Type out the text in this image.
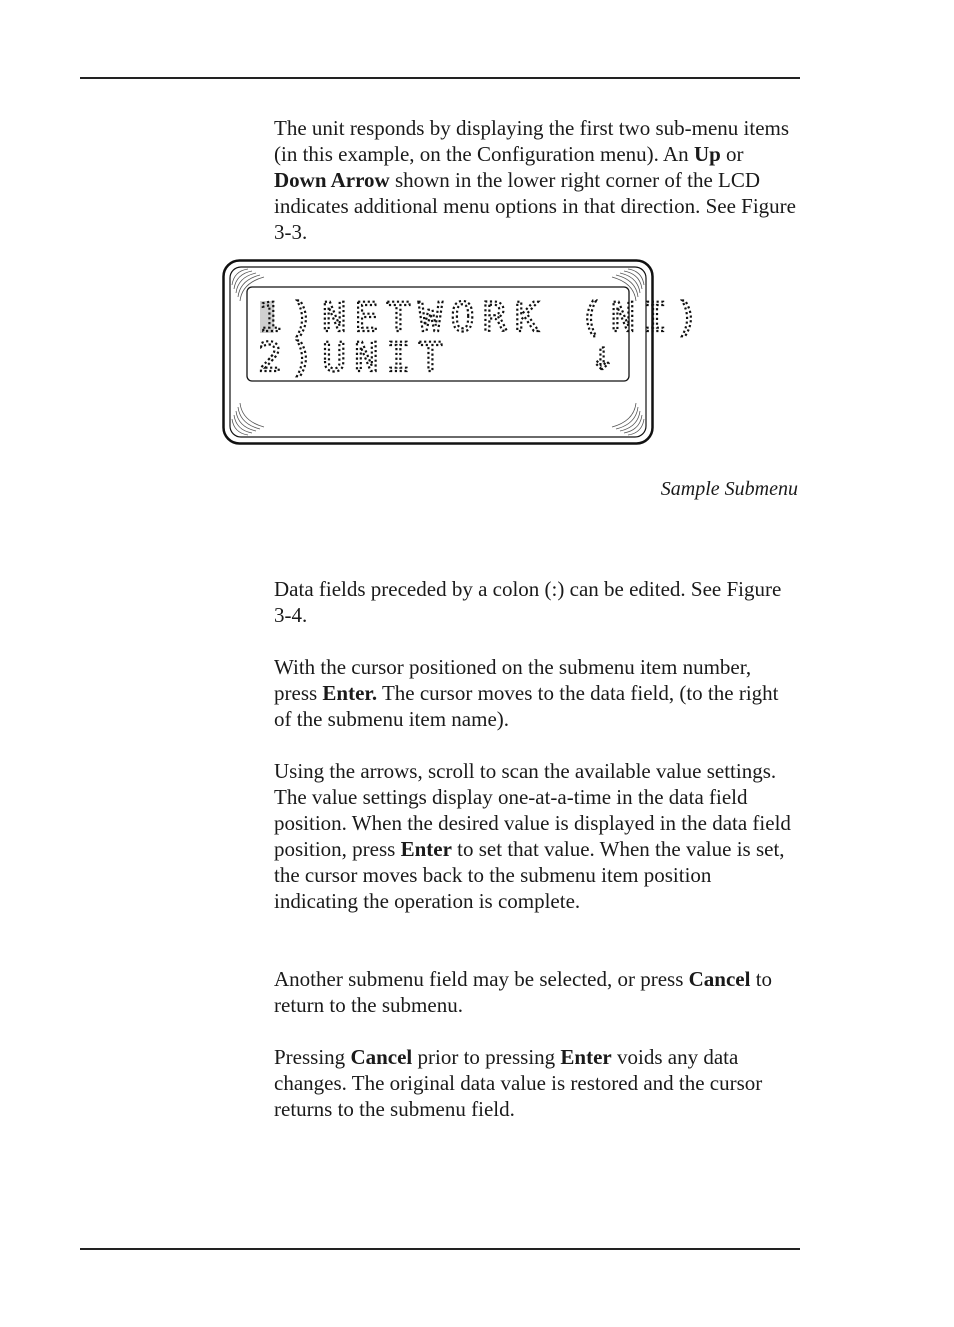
The unit responds by displaying the first two sub-menu items (in this example, on the Configuration menu). An Up or Down Arrow shown in the lower right corner of the LCD indicates additional menu options in that direction. See Figure 3-3.

1)NETWORK (NI)
2)UNIT	↓
Sample Submenu

Data fields preceded by a colon (:) can be edited. See Figure 3-4.

With the cursor positioned on the submenu item number, press Enter. The cursor moves to the data field, (to the right of the submenu item name).

Using the arrows, scroll to scan the available value settings. The value settings display one-at-a-time in the data field position. When the desired value is displayed in the data field position, press Enter to set that value. When the value is set, the cursor moves back to the submenu item position indicating the operation is complete.

Another submenu field may be selected, or press Cancel to return to the submenu.

Pressing Cancel prior to pressing Enter voids any data changes. The original data value is restored and the cursor returns to the submenu field.
